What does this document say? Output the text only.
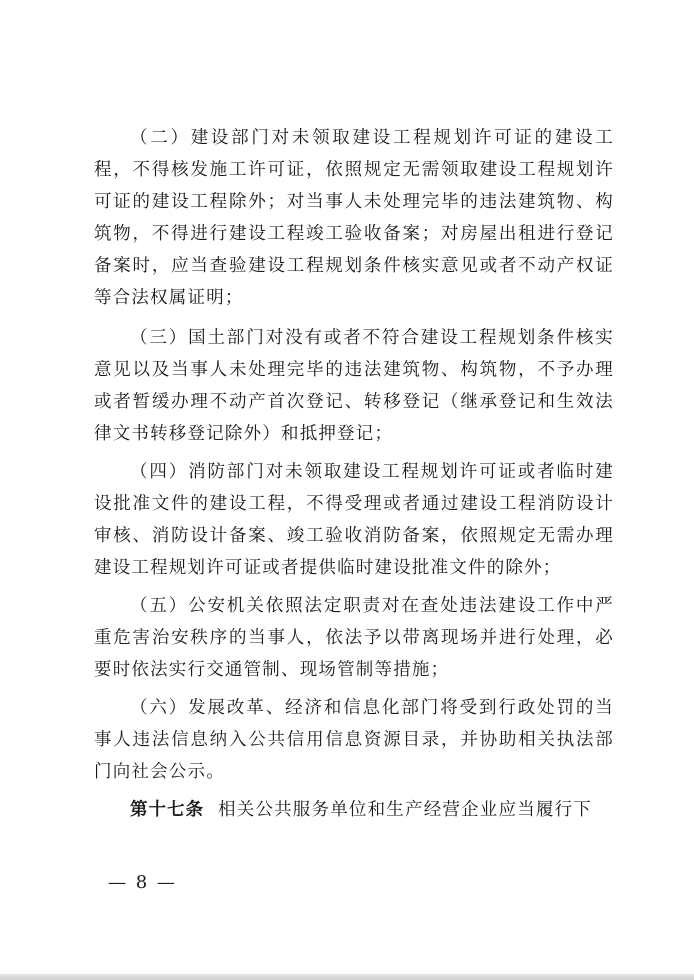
（二）建设部门对未领取建设工程规划许可证的建设工程，不得核发施工许可证，依照规定无需领取建设工程规划许可证的建设工程除外；对当事人未处理完毕的违法建筑物、构筑物，不得进行建设工程竣工验收备案；对房屋出租进行登记备案时，应当查验建设工程规划条件核实意见或者不动产权证等合法权属证明；

（三）国土部门对没有或者不符合建设工程规划条件核实意见以及当事人未处理完毕的违法建筑物、构筑物，不予办理或者暂缓办理不动产首次登记、转移登记（继承登记和生效法律文书转移登记除外）和抵押登记；

（四）消防部门对未领取建设工程规划许可证或者临时建设批准文件的建设工程，不得受理或者通过建设工程消防设计审核、消防设计备案、竣工验收消防备案，依照规定无需办理建设工程规划许可证或者提供临时建设批准文件的除外；

（五）公安机关依照法定职责对在查处违法建设工作中严重危害治安秩序的当事人，依法予以带离现场并进行处理，必要时依法实行交通管制、现场管制等措施；

（六）发展改革、经济和信息化部门将受到行政处罚的当事人违法信息纳入公共信用信息资源目录，并协助相关执法部门向社会公示。

第十七条 相关公共服务单位和生产经营企业应当履行下

— 8 —
